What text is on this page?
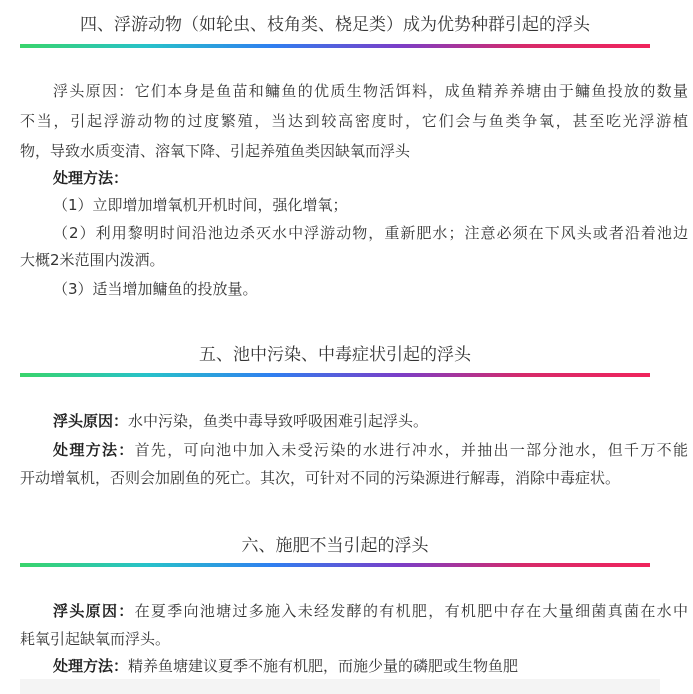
四、浮游动物（如轮虫、枝角类、桡足类）成为优势种群引起的浮头
浮头原因：它们本身是鱼苗和鳙鱼的优质生物活饵料，成鱼精养养塘由于鳙鱼投放的数量
不当，引起浮游动物的过度繁殖，当达到较高密度时，它们会与鱼类争氧，甚至吃光浮游植
物，导致水质变清、溶氧下降、引起养殖鱼类因缺氧而浮头
处理方法：
（1）立即增加增氧机开机时间，强化增氧；
（2）利用黎明时间沿池边杀灭水中浮游动物，重新肥水；注意必须在下风头或者沿着池边
大概2米范围内泼洒。
（3）适当增加鳙鱼的投放量。
五、池中污染、中毒症状引起的浮头
浮头原因：水中污染，鱼类中毒导致呼吸困难引起浮头。
处理方法：首先，可向池中加入未受污染的水进行冲水，并抽出一部分池水，但千万不能
开动增氧机，否则会加剧鱼的死亡。其次，可针对不同的污染源进行解毒，消除中毒症状。
六、施肥不当引起的浮头
浮头原因：在夏季向池塘过多施入未经发酵的有机肥，有机肥中存在大量细菌真菌在水中
耗氧引起缺氧而浮头。
处理方法：精养鱼塘建议夏季不施有机肥，而施少量的磷肥或生物鱼肥
